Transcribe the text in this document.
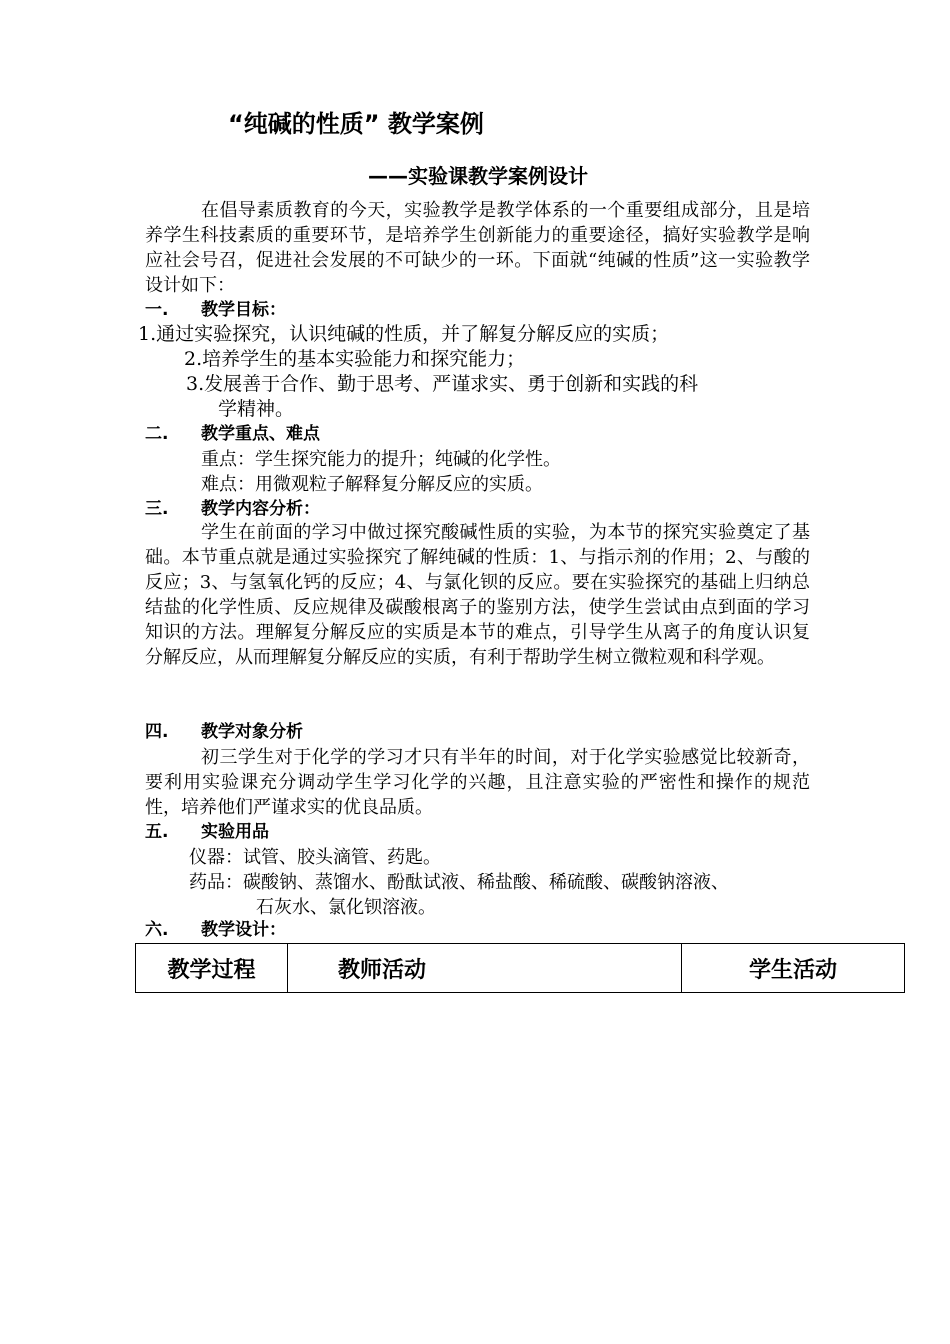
“纯碱的性质” 教学案例
——实验课教学案例设计
在倡导素质教育的今天，实验教学是教学体系的一个重要组成部分，且是培养学生科技素质的重要环节，是培养学生创新能力的重要途径，搞好实验教学是响应社会号召，促进社会发展的不可缺少的一环。下面就“纯碱的性质”这一实验教学设计如下：
一. 教学目标：
1.通过实验探究，认识纯碱的性质，并了解复分解反应的实质；
2.培养学生的基本实验能力和探究能力；
3.发展善于合作、勤于思考、严谨求实、勇于创新和实践的科
学精神。
二. 教学重点、难点
重点：学生探究能力的提升；纯碱的化学性。
难点：用微观粒子解释复分解反应的实质。
三. 教学内容分析：
学生在前面的学习中做过探究酸碱性质的实验，为本节的探究实验奠定了基础。本节重点就是通过实验探究了解纯碱的性质：1、与指示剂的作用；2、与酸的反应；3、与氢氧化钙的反应；4、与氯化钡的反应。要在实验探究的基础上归纳总结盐的化学性质、反应规律及碳酸根离子的鉴别方法，使学生尝试由点到面的学习知识的方法。理解复分解反应的实质是本节的难点，引导学生从离子的角度认识复分解反应，从而理解复分解反应的实质，有利于帮助学生树立微粒观和科学观。
四. 教学对象分析
初三学生对于化学的学习才只有半年的时间，对于化学实验感觉比较新奇，要利用实验课充分调动学生学习化学的兴趣，且注意实验的严密性和操作的规范性，培养他们严谨求实的优良品质。
五. 实验用品
仪器：试管、胶头滴管、药匙。
药品：碳酸钠、蒸馏水、酚酞试液、稀盐酸、稀硫酸、碳酸钠溶液、
石灰水、氯化钡溶液。
六. 教学设计：
教学过程	教师活动	学生活动
